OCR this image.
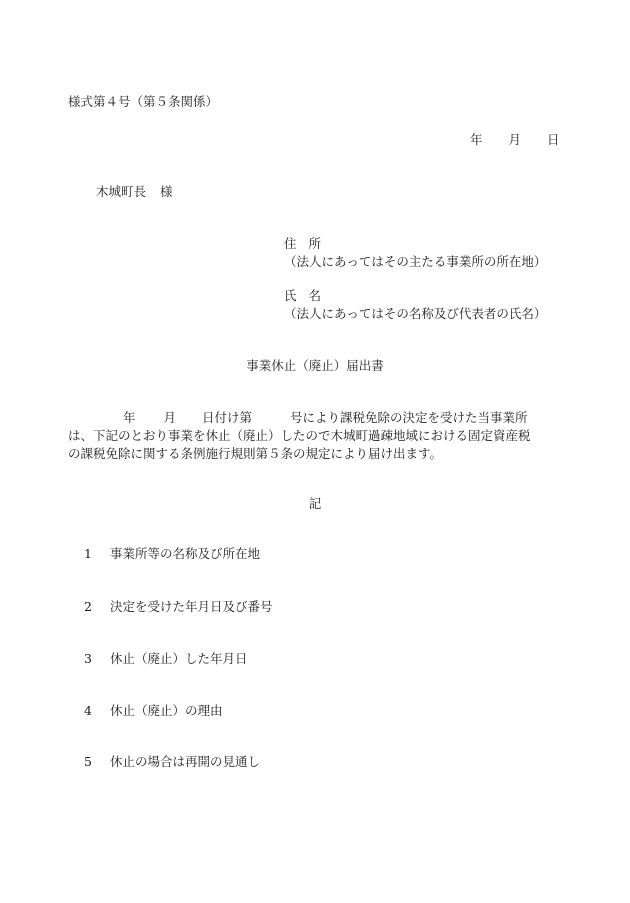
様式第４号（第５条関係）
年 月 日
木城町長 様
住 所
（法人にあってはその主たる事業所の所在地）
氏 名
（法人にあってはその名称及び代表者の氏名）
事業休止（廃止）届出書
年 月 日付け第	号により課税免除の決定を受けた当事業所
は、下記のとおり事業を休止（廃止）したので木城町過疎地域における固定資産税
の課税免除に関する条例施行規則第５条の規定により届け出ます。
記
1 事業所等の名称及び所在地
2 決定を受けた年月日及び番号
3 休止（廃止）した年月日
4 休止（廃止）の理由
5 休止の場合は再開の見通し
